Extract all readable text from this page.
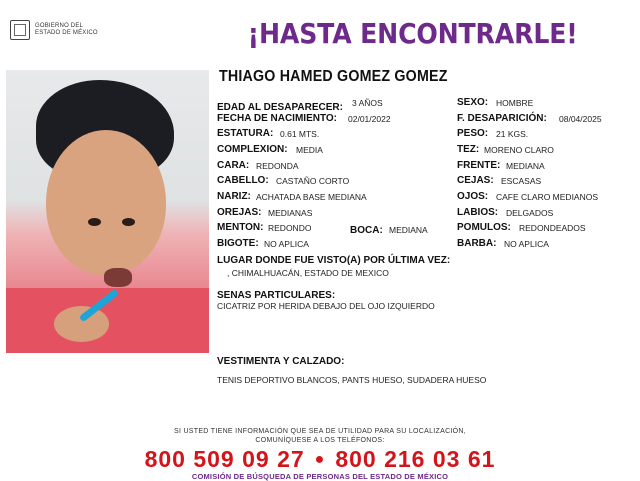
GOBIERNO DEL
ESTADO DE MÉXICO	¡HASTA ENCONTRARLE!
THIAGO HAMED GOMEZ GOMEZ
EDAD AL DESAPARECER: 3 AÑOS
FECHA DE NACIMIENTO: 02/01/2022
ESTATURA: 0.61 MTS.
COMPLEXION: MEDIA
CARA: REDONDA
CABELLO: CASTAÑO CORTO
NARIZ: ACHATADA BASE MEDIANA
OREJAS: MEDIANAS
MENTON: REDONDO	BOCA: MEDIANA
BIGOTE: NO APLICA
SEXO: HOMBRE
F. DESAPARICIÓN: 08/04/2025
PESO: 21 KGS.
TEZ: MORENO CLARO
FRENTE: MEDIANA
CEJAS: ESCASAS
OJOS: CAFE CLARO MEDIANOS
LABIOS: DELGADOS
POMULOS: REDONDEADOS
BARBA: NO APLICA
LUGAR DONDE FUE VISTO(A) POR ÚLTIMA VEZ:
, CHIMALHUACÁN, ESTADO DE MEXICO
SENAS PARTICULARES:
CICATRIZ POR HERIDA DEBAJO DEL OJO IZQUIERDO
VESTIMENTA Y CALZADO:
TENIS DEPORTIVO BLANCOS, PANTS HUESO, SUDADERA HUESO
SI USTED TIENE INFORMACIÓN QUE SEA DE UTILIDAD PARA SU LOCALIZACIÓN,
COMUNÍQUESE A LOS TELÉFONOS:
800 509 09 27 ● 800 216 03 61
COMISIÓN DE BÚSQUEDA DE PERSONAS DEL ESTADO DE MÉXICO
